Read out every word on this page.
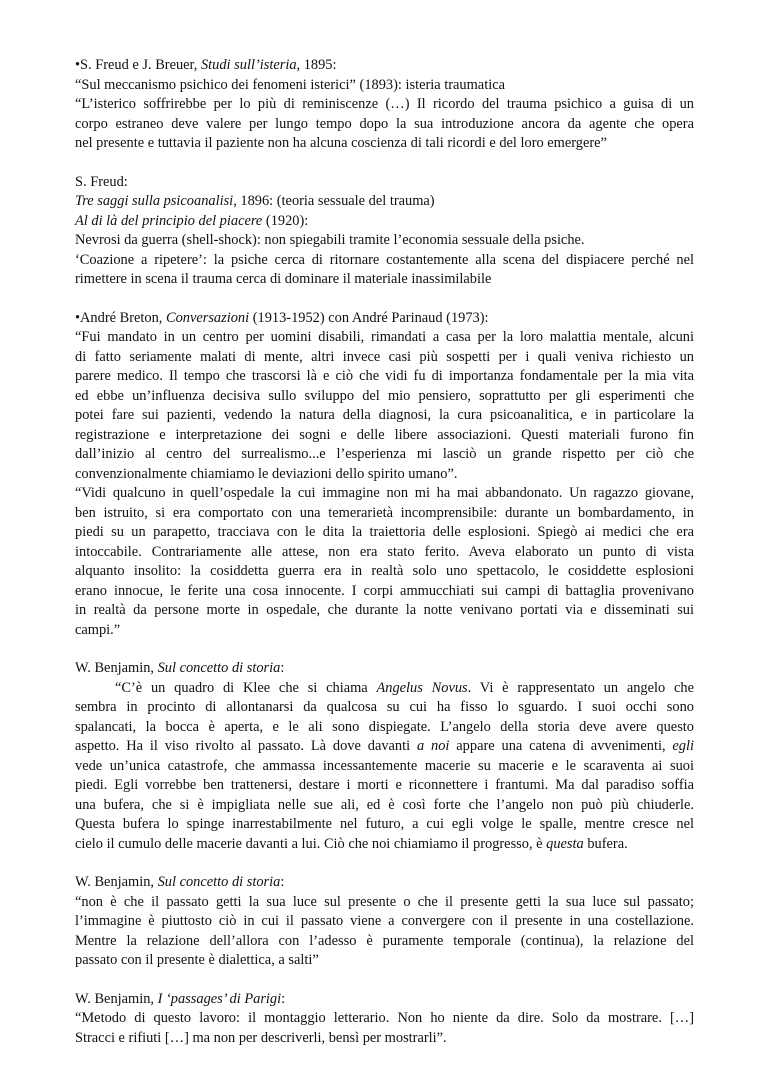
•S. Freud e J. Breuer, Studi sull’isteria, 1895:
“Sul meccanismo psichico dei fenomeni isterici” (1893): isteria traumatica
“L’isterico soffrirebbe per lo più di reminiscenze (…) Il ricordo del trauma psichico a guisa di un
corpo estraneo deve valere per lungo tempo dopo la sua introduzione ancora da agente che opera
nel presente e tuttavia il paziente non ha alcuna coscienza di tali ricordi e del loro emergere”
S. Freud:
Tre saggi sulla psicoanalisi, 1896: (teoria sessuale del trauma)
Al di là del principio del piacere (1920):
Nevrosi da guerra (shell-shock): non spiegabili tramite l’economia sessuale della psiche.
‘Coazione a ripetere’: la psiche cerca di ritornare costantemente alla scena del dispiacere perché nel
rimettere in scena il trauma cerca di dominare il materiale inassimilabile
•André Breton, Conversazioni (1913-1952) con André Parinaud (1973):
“Fui mandato in un centro per uomini disabili, rimandati a casa per la loro malattia mentale, alcuni
di fatto seriamente malati di mente, altri invece casi più sospetti per i quali veniva richiesto un
parere medico. Il tempo che trascorsi là e ciò che vidi fu di importanza fondamentale per la mia vita
ed ebbe un’influenza decisiva sullo sviluppo del mio pensiero, soprattutto per gli esperimenti che
potei fare sui pazienti, vedendo la natura della diagnosi, la cura psicoanalitica, e in particolare la
registrazione e interpretazione dei sogni e delle libere associazioni. Questi materiali furono fin
dall’inizio al centro del surrealismo...e l’esperienza mi lasciò un grande rispetto per ciò che
convenzionalmente chiamiamo le deviazioni dello spirito umano”.
“Vidi qualcuno in quell’ospedale la cui immagine non mi ha mai abbandonato. Un ragazzo giovane,
ben istruito, si era comportato con una temerarietà incomprensibile: durante un bombardamento, in
piedi su un parapetto, tracciava con le dita la traiettoria delle esplosioni. Spiegò ai medici che era
intoccabile. Contrariamente alle attese, non era stato ferito. Aveva elaborato un punto di vista
alquanto insolito: la cosiddetta guerra era in realtà solo uno spettacolo, le cosiddette esplosioni
erano innocue, le ferite una cosa innocente. I corpi ammucchiati sui campi di battaglia provenivano
in realtà da persone morte in ospedale, che durante la notte venivano portati via e disseminati sui
campi.”
W. Benjamin, Sul concetto di storia:
“C’è un quadro di Klee che si chiama Angelus Novus. Vi è rappresentato un angelo che
sembra in procinto di allontanarsi da qualcosa su cui ha fisso lo sguardo. I suoi occhi sono
spalancati, la bocca è aperta, e le ali sono dispiegate. L’angelo della storia deve avere questo
aspetto. Ha il viso rivolto al passato. Là dove davanti a noi appare una catena di avvenimenti, egli
vede un’unica catastrofe, che ammassa incessantemente macerie su macerie e le scaraventa ai suoi
piedi. Egli vorrebbe ben trattenersi, destare i morti e riconnettere i frantumi. Ma dal paradiso soffia
una bufera, che si è impigliata nelle sue ali, ed è così forte che l’angelo non può più chiuderle.
Questa bufera lo spinge inarrestabilmente nel futuro, a cui egli volge le spalle, mentre cresce nel
cielo il cumulo delle macerie davanti a lui. Ciò che noi chiamiamo il progresso, è questa bufera.
W. Benjamin, Sul concetto di storia:
“non è che il passato getti la sua luce sul presente o che il presente getti la sua luce sul passato;
l’immagine è piuttosto ciò in cui il passato viene a convergere con il presente in una costellazione.
Mentre la relazione dell’allora con l’adesso è puramente temporale (continua), la relazione del
passato con il presente è dialettica, a salti”
W. Benjamin, I ‘passages’ di Parigi:
“Metodo di questo lavoro: il montaggio letterario. Non ho niente da dire. Solo da mostrare. […]
Stracci e rifiuti […] ma non per descriverli, bensì per mostrarli”.
